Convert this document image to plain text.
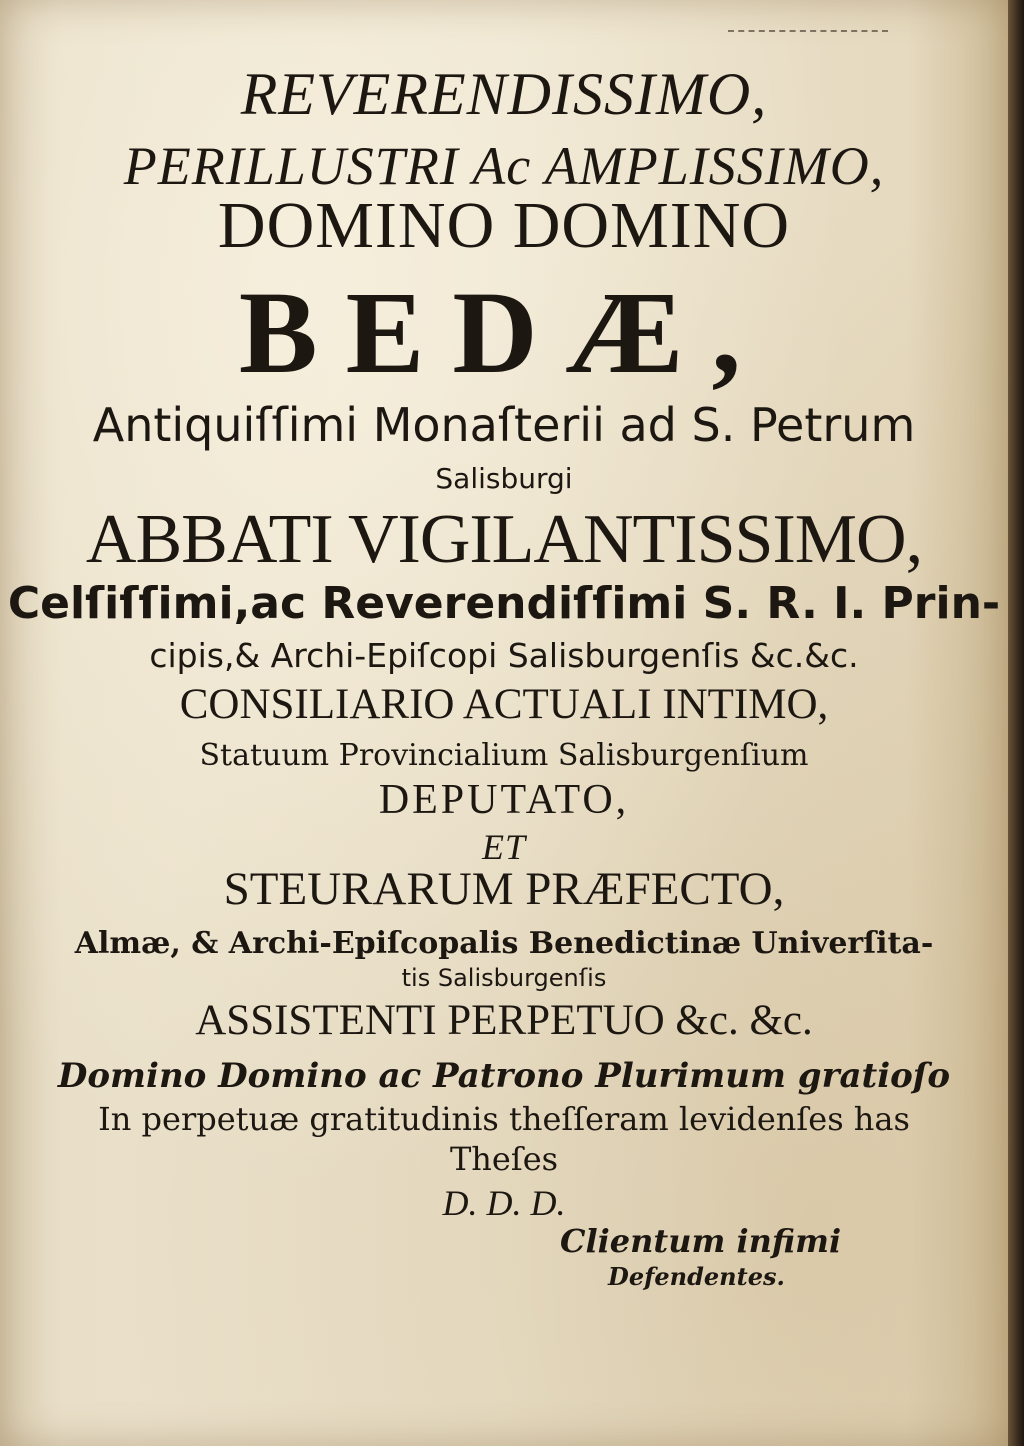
REVERENDISSIMO,
PERILLUSTRI Ac AMPLISSIMO,
DOMINO DOMINO
BEDÆ,
Antiquiſſimi Monaſterii ad S. Petrum
Salisburgi
ABBATI VIGILANTISSIMO,
Celſiſſimi,ac Reverendiſſimi S. R. I. Prin-
cipis,& Archi-Epiſcopi Salisburgenſis &c.&c.
CONSILIARIO ACTUALI INTIMO,
Statuum Provincialium Salisburgenſium
DEPUTATO,
ET
STEURARUM PRÆFECTO,
Almæ, & Archi-Epiſcopalis Benedictinæ Univerſita-
tis Salisburgenſis
ASSISTENTI PERPETUO &c. &c.
Domino Domino ac Patrono Plurimum gratioſo
In perpetuæ gratitudinis theſſeram levidenſes has
Theſes
D. D. D.
Clientum infimi
Defendentes.
